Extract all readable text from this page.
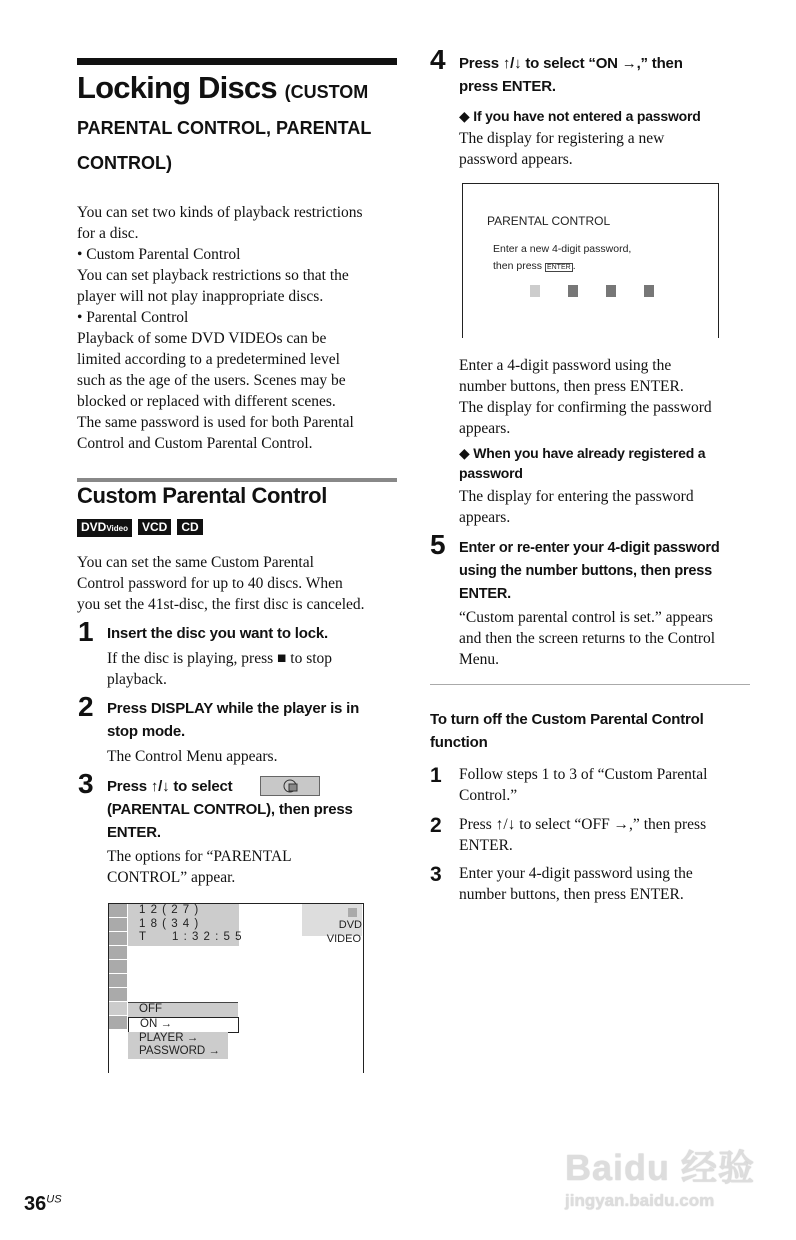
Locking Discs (CUSTOM
PARENTAL CONTROL, PARENTAL
CONTROL)
You can set two kinds of playback restrictions
for a disc.
• Custom Parental Control
You can set playback restrictions so that the
player will not play inappropriate discs.
• Parental Control
Playback of some DVD VIDEOs can be
limited according to a predetermined level
such as the age of the users. Scenes may be
blocked or replaced with different scenes.
The same password is used for both Parental
Control and Custom Parental Control.
Custom Parental Control
DVDVideo VCD CD
You can set the same Custom Parental
Control password for up to 40 discs. When
you set the 41st-disc, the first disc is canceled.
1 Insert the disc you want to lock.
If the disc is playing, press ■ to stop
playback.
2 Press DISPLAY while the player is in
stop mode.
The Control Menu appears.
3 Press ↑/↓ to select
(PARENTAL CONTROL), then press
ENTER.
The options for “PARENTAL
CONTROL” appear.
1 2 ( 2 7 )
1 8 ( 3 4 )
T      1 : 3 2 : 5 5
DVD VIDEO
OFF
ON →
PLAYER →
PASSWORD →
4 Press ↑/↓ to select “ON →,” then
press ENTER.
◆ If you have not entered a password
The display for registering a new
password appears.
PARENTAL CONTROL
Enter a new 4-digit password,
then press ENTER .
Enter a 4-digit password using the
number buttons, then press ENTER.
The display for confirming the password
appears.
◆ When you have already registered a
password
The display for entering the password
appears.
5 Enter or re-enter your 4-digit password
using the number buttons, then press
ENTER.
“Custom parental control is set.” appears
and then the screen returns to the Control
Menu.
To turn off the Custom Parental Control
function
1 Follow steps 1 to 3 of “Custom Parental
Control.”
2 Press ↑/↓ to select “OFF →,” then press
ENTER.
3 Enter your 4-digit password using the
number buttons, then press ENTER.
$36^{US}$
Baidu 经验
jingyan.baidu.com
